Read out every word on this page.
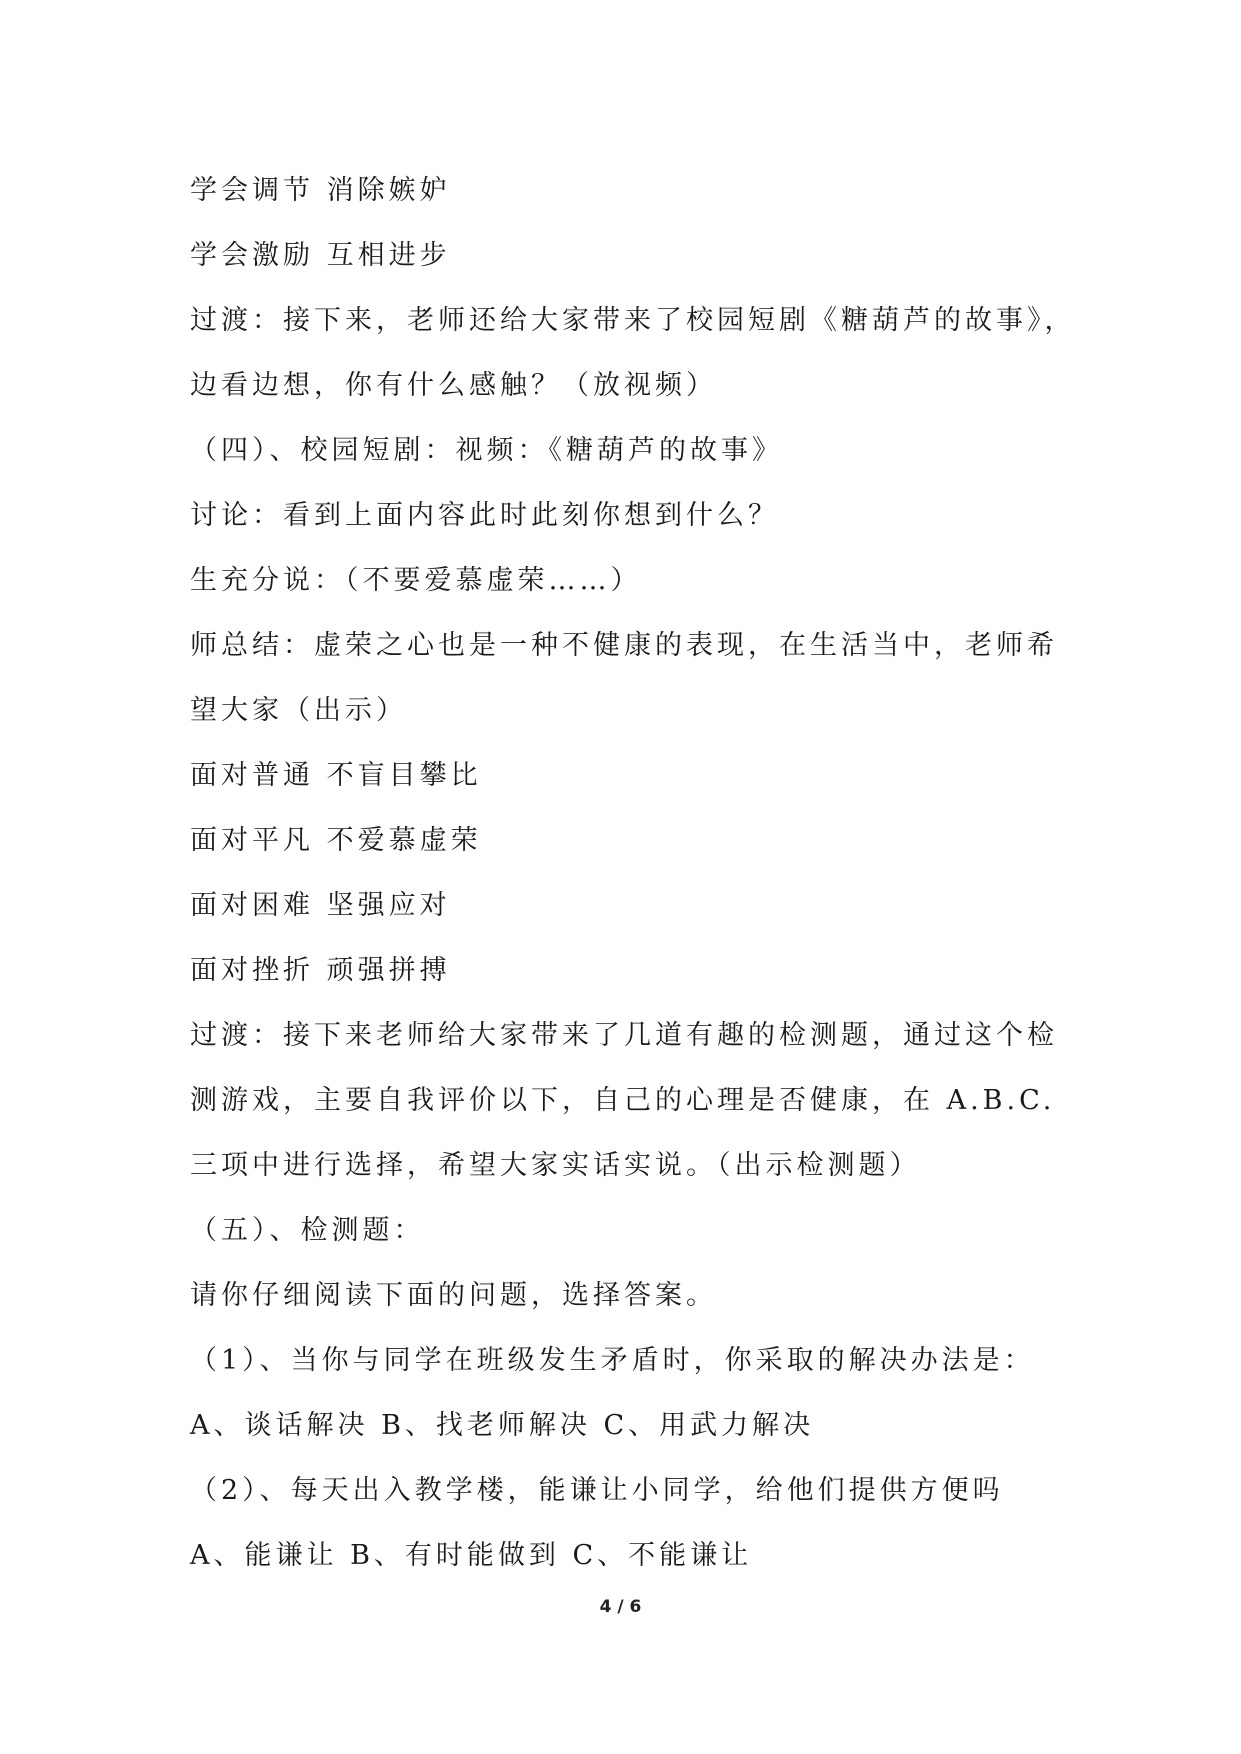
学会调节 消除嫉妒
学会激励 互相进步
过渡：接下来，老师还给大家带来了校园短剧《糖葫芦的故事》，
边看边想，你有什么感触？（放视频）
（四）、校园短剧：视频：《糖葫芦的故事》
讨论：看到上面内容此时此刻你想到什么？
生充分说：（不要爱慕虚荣……）
师总结：虚荣之心也是一种不健康的表现，在生活当中，老师希
望大家（出示）
面对普通 不盲目攀比
面对平凡 不爱慕虚荣
面对困难 坚强应对
面对挫折 顽强拼搏
过渡：接下来老师给大家带来了几道有趣的检测题，通过这个检
测游戏，主要自我评价以下，自己的心理是否健康，在 A.B.C.
三项中进行选择，希望大家实话实说。（出示检测题）
（五）、检测题：
请你仔细阅读下面的问题，选择答案。
（1）、当你与同学在班级发生矛盾时，你采取的解决办法是：
A、谈话解决 B、找老师解决 C、用武力解决
（2）、每天出入教学楼，能谦让小同学，给他们提供方便吗
A、能谦让 B、有时能做到 C、不能谦让
4 / 6
